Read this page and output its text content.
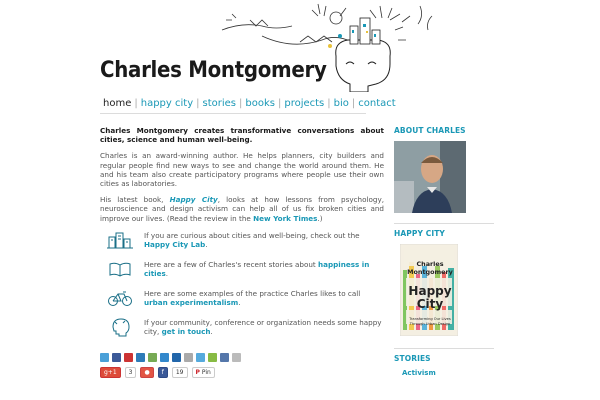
Charles Montgomery
home | happy city | stories | books | projects | bio | contact

Charles Montgomery creates transformative conversations about cities, science and human well-being.

Charles is an award-winning author. He helps planners, city builders and regular people find new ways to see and change the world around them. He and his team also create participatory programs where people use their own cities as laboratories.

His latest book, Happy City, looks at how lessons from psychology, neuroscience and design activism can help all of us fix broken cities and improve our lives. (Read the review in the New York Times.)

If you are curious about cities and well-being, check out the Happy City Lab.
Here are a few of Charles's recent stories about happiness in cities.
Here are some examples of the practice Charles likes to call urban experimentalism.
If your community, conference or organization needs some happy city, get in touch.
g+1	3	●	f	19	P Pin
ABOUT CHARLES
HAPPY CITY
Charles Montgomery
Happy
City
Transforming Our Lives Through Urban Design
STORIES
Activism
